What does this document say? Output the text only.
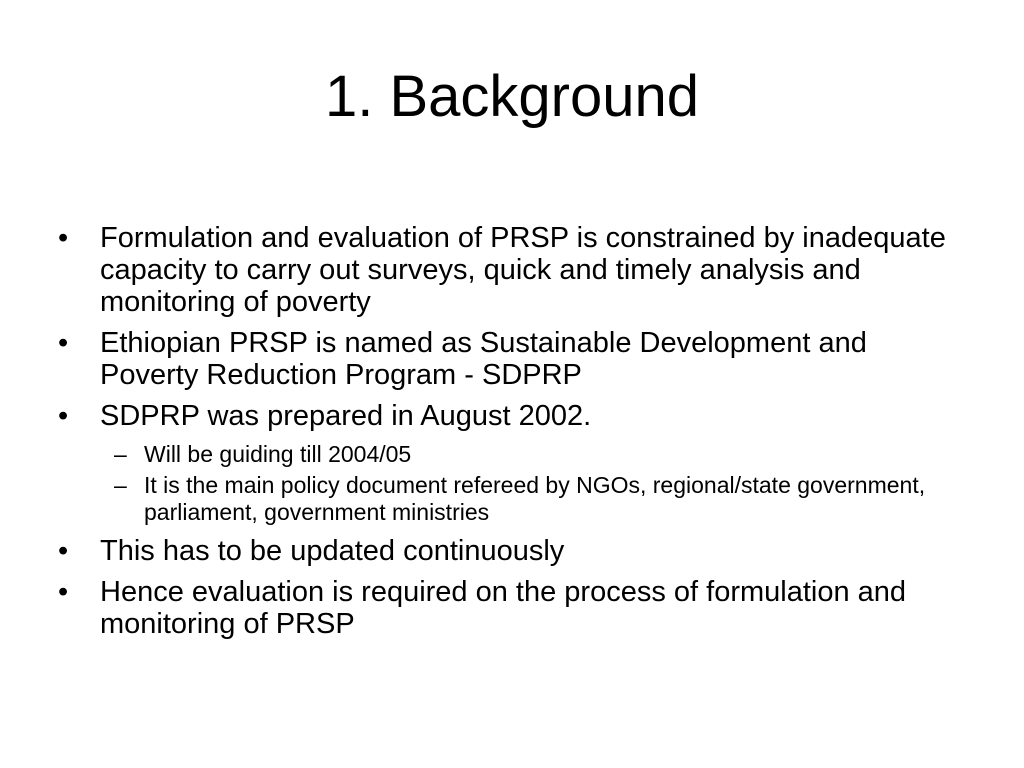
1. Background
•	Formulation and evaluation of PRSP is constrained by inadequate capacity to carry out surveys, quick and timely analysis and monitoring of poverty
•	Ethiopian PRSP is named as Sustainable Development and Poverty Reduction Program - SDPRP
•	SDPRP was prepared in August 2002.
– Will be guiding till 2004/05
– It is the main policy document refereed by NGOs, regional/state government, parliament, government ministries
•	This has to be updated continuously
•	Hence evaluation is required on the process of formulation and monitoring of PRSP
